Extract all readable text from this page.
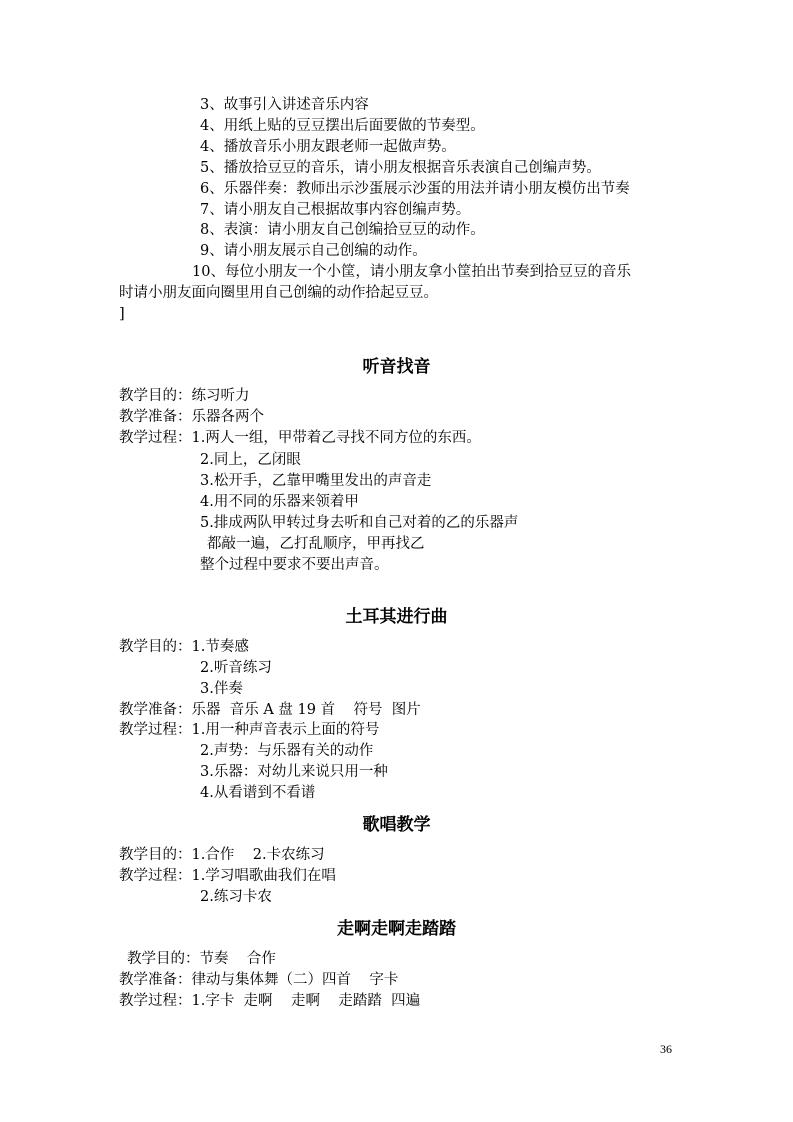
3、故事引入讲述音乐内容
4、用纸上贴的豆豆摆出后面要做的节奏型。
4、播放音乐小朋友跟老师一起做声势。
5、播放拾豆豆的音乐，请小朋友根据音乐表演自己创编声势。
6、乐器伴奏：教师出示沙蛋展示沙蛋的用法并请小朋友模仿出节奏
7、请小朋友自己根据故事内容创编声势。
8、表演：请小朋友自己创编拾豆豆的动作。
9、请小朋友展示自己创编的动作。
10、每位小朋友一个小筐，请小朋友拿小筐拍出节奏到拾豆豆的音乐
时请小朋友面向圈里用自己创编的动作拾起豆豆。
]
听音找音
教学目的：练习听力
教学准备：乐器各两个
教学过程：1.两人一组，甲带着乙寻找不同方位的东西。
2.同上，乙闭眼
3.松开手，乙靠甲嘴里发出的声音走
4.用不同的乐器来领着甲
5.排成两队甲转过身去听和自己对着的乙的乐器声
都敲一遍，乙打乱顺序，甲再找乙
整个过程中要求不要出声音。
土耳其进行曲
教学目的：1.节奏感
2.听音练习
3.伴奏
教学准备：乐器  音乐 A 盘 19 首    符号  图片
教学过程：1.用一种声音表示上面的符号
2.声势：与乐器有关的动作
3.乐器：对幼儿来说只用一种
4.从看谱到不看谱
歌唱教学
教学目的：1.合作    2.卡农练习
教学过程：1.学习唱歌曲我们在唱
2.练习卡农
走啊走啊走踏踏
教学目的：节奏    合作
教学准备：律动与集体舞（二）四首    字卡
教学过程：1.字卡  走啊    走啊    走踏踏  四遍
36
